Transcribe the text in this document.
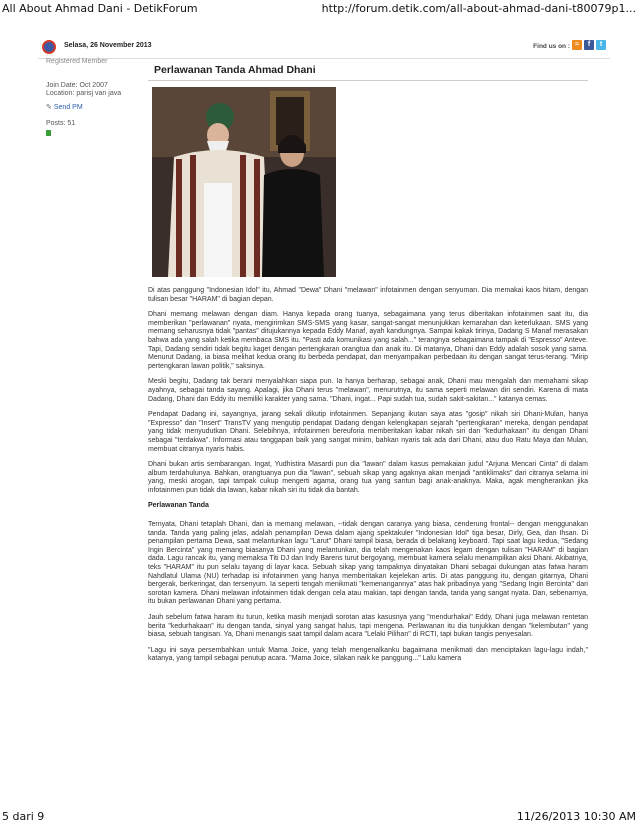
All About Ahmad Dani - DetikForum	http://forum.detik.com/all-about-ahmad-dani-t80079p1...
Selasa, 26 November 2013	Find us on : ≈	f	t
Registered Member
Join Date: Oct 2007
Location: parisj van java
✎ Send PM
Posts: 51
Perlawanan Tanda Ahmad Dhani

Di atas panggung "Indonesian Idol" itu, Ahmad "Dewa" Dhani "melawan" infotainmen dengan senyuman. Dia memakai kaos hitam, dengan tulisan besar "HARAM" di bagian depan.

Dhani memang melawan dengan diam. Hanya kepada orang tuanya, sebagaimana yang terus diberitakan infotainmen saat itu, dia memberikan "perlawanan" nyata, mengirimkan SMS-SMS yang kasar, sangat-sangat menunjukkan kemarahan dan keterlukaan. SMS yang memang seharusnya tidak "pantas" ditujukannya kepada Eddy Manaf, ayah kandungnya. Sampai kakak tirinya, Dadang S Manaf merasakan bahwa ada yang salah ketika membaca SMS itu. "Pasti ada komunikasi yang salah..." terangnya sebagaimana tampak di "Espresso" Anteve. Tapi, Dadang sendiri tidak begitu kaget dengan pertengkaran orangtua dan anak itu. Di matanya, Dhani dan Eddy adalah sosok yang sama. Menurut Dadang, ia biasa melihat kedua orang itu berbeda pendapat, dan menyampaikan perbedaan itu dengan sangat terus-terang. "Mirip pertengkaran lawan politik," saksinya.

Meski begitu, Dadang tak berani menyalahkan siapa pun. Ia hanya berharap, sebagai anak, Dhani mau mengalah dan memahami sikap ayahnya, sebagai tanda sayang. Apalagi, jika Dhani terus "melawan", menurutnya, itu sama seperti melawan diri sendiri. Karena di mata Dadang, Dhani dan Eddy itu memiliki karakter yang sama. "Dhani, ingat... Papi sudah tua, sudah sakit-sakitan..." katanya cemas.

Pendapat Dadang ini, sayangnya, jarang sekali dikutip infotainmen. Sepanjang ikutan saya atas "gosip" nikah siri Dhani-Mulan, hanya "Expresso" dan "Insert" TransTV yang mengutip pendapat Dadang dengan kelengkapan sejarah "pertengkaran" mereka, dengan pendapat yang tidak menyudutkan Dhani. Selebihnya, infotainmen bereuforia memberitakan kabar nikah siri dan "kedurhakaan" itu dengan Dhani sebagai "terdakwa". Informasi atau tanggapan baik yang sangat minim, bahkan nyaris tak ada dari Dhani, atau duo Ratu Maya dan Mulan, membuat citranya nyaris habis.

Dhani bukan artis sembarangan. Ingat, Yudhistira Masardi pun dia "lawan" dalam kasus pemakaian judul "Arjuna Mencari Cinta" di dalam album terdahulunya. Bahkan, orangtuanya pun dia "lawan", sebuah sikap yang agaknya akan menjadi "antiklimaks" dari citranya selama ini yang, meski arogan, tapi tampak cukup mengerti agama, orang tua yang santun bagi anak-anaknya. Maka, agak mengherankan jika infotainmen pun tidak dia lawan, kabar nikah siri itu tidak dia bantah.

Perlawanan Tanda

Ternyata, Dhani tetaplah Dhani, dan ia memang melawan, --tidak dengan caranya yang biasa, cenderung frontal-- dengan menggunakan tanda. Tanda yang paling jelas, adalah penampilan Dewa dalam ajang spektakuler "Indonesian Idol" tiga besar, Dirly, Gea, dan Ihsan. Di penampilan pertama Dewa, saat melantunkan lagu "Larut" Dhani tampil biasa, berada di belakang keyboard. Tapi saat lagu kedua, "Sedang Ingin Bercinta" yang memang biasanya Dhani yang melantunkan, dia telah mengenakan kaos legam dengan tulisan "HARAM" di bagian dada. Lagu rancak itu, yang memaksa Titi DJ dan Indy Barens turut bergoyang, membuat kamera selalu menampilkan aksi Dhani. Akibatnya, teks "HARAM" itu pun selalu tayang di layar kaca. Sebuah sikap yang tampaknya dinyatakan Dhani sebagai dukungan atas fatwa haram Nahdlatul Ulama (NU) terhadap isi infotainmen yang hanya memberitakan kejelekan artis. Di atas panggung itu, dengan gitarnya, Dhani bergerak, berkeringat, dan tersenyum. Ia seperti tengah menikmati "kemenangannya" atas hak pribadinya yang "Sedang Ingin Bercinta" dari sorotan kamera. Dhani melawan infotainmen tidak dengan cela atau makian, tapi dengan tanda, tanda yang sangat nyata. Dan, sebenarnya, itu bukan perlawanan Dhani yang pertama.

Jauh sebelum fatwa haram itu turun, ketika masih menjadi sorotan atas kasusnya yang "mendurhakai" Eddy, Dhani juga melawan rentetan berita "kedurhakaan" itu dengan tanda, sinyal yang sangat halus, tapi mengena. Perlawanan itu dia tunjukkan dengan "kelembutan" yang biasa, sebuah tangisan. Ya, Dhani menangis saat tampil dalam acara "Lelaki Pilihan" di RCTI, tapi bukan tangis penyesalan.

"Lagu ini saya persembahkan untuk Mama Joice, yang telah mengenalkanku bagaimana menikmati dan menciptakan lagu-lagu indah," katanya, yang tampil sebagai penutup acara. "Mama Joice, silakan naik ke panggung..." Lalu kamera

5 dari 9	11/26/2013 10:30 AM
